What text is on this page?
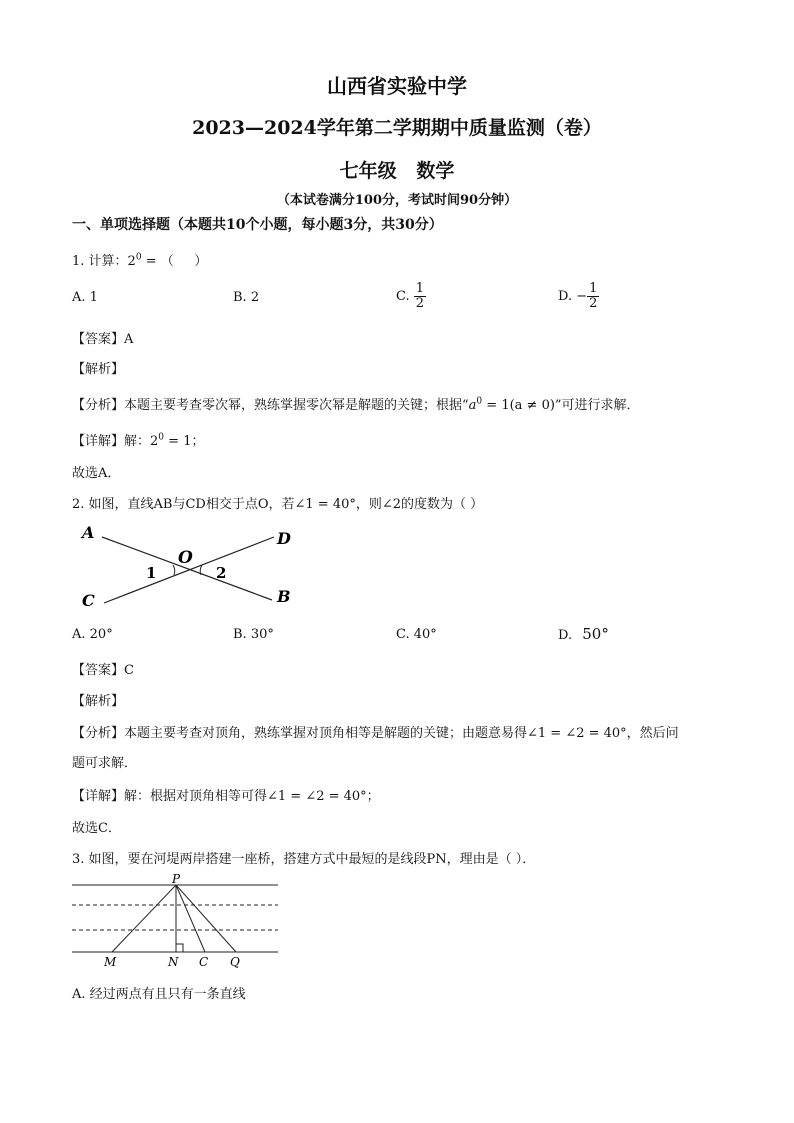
山西省实验中学
2023—2024学年第二学期期中质量监测（卷）
七年级   数学
（本试卷满分100分，考试时间90分钟）
一、单项选择题（本题共10个小题，每小题3分，共30分）
1. 计算：$2^0$ = （     ）
A. 1	B. 2	C. $\frac{1}{2}$	D. − $\frac{1}{2}$
【答案】A
【解析】
【分析】本题主要考查零次幂，熟练掌握零次幂是解题的关键；根据“$a^0 = 1(a \ne 0)$”可进行求解．
【详解】解：$2^0 = 1$；
故选A．
2. 如图，直线AB与CD相交于点O，若∠1 = 40°，则∠2的度数为（ ）
A	D
O
1	2
C	B
A. 20°	B. 30°	C. 40°	D. 50°
【答案】C
【解析】
【分析】本题主要考查对顶角，熟练掌握对顶角相等是解题的关键；由题意易得∠1 = ∠2 = 40°，然后问
题可求解．
【详解】解：根据对顶角相等可得∠1 = ∠2 = 40°；
故选C．
3. 如图，要在河堤两岸搭建一座桥，搭建方式中最短的是线段PN，理由是（ ）．
P
M	N C Q
A. 经过两点有且只有一条直线
